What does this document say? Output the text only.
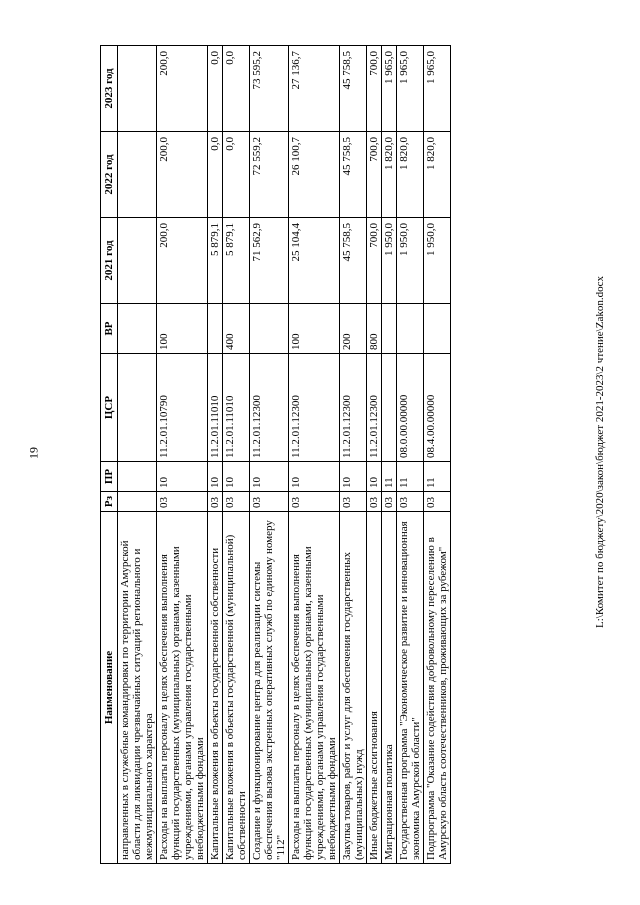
19
Наименование	Рз	ПР	ЦСР	ВР	2021 год	2022 год	2023 год
направленных в служебные командировки по территории Амурской области для ликвидации чрезвычайных ситуаций регионального и межмуниципального характера							
Расходы на выплаты персоналу в целях обеспечения выполнения функций государственных (муниципальных) органами, казенными учреждениями, органами управления государственными внебюджетными фондами	03	10	11.2.01.10790	100	200,0	200,0	200,0
Капитальные вложения в объекты государственной собственности	03	10	11.2.01.11010		5 879,1	0,0	0,0
Капитальные вложения в объекты государственной (муниципальной) собственности	03	10	11.2.01.11010	400	5 879,1	0,0	0,0
Создание и функционирование центра для реализации системы обеспечения вызова экстренных оперативных служб по единому номеру "112"	03	10	11.2.01.12300		71 562,9	72 559,2	73 595,2
Расходы на выплаты персоналу в целях обеспечения выполнения функций государственных (муниципальных) органами, казенными учреждениями, органами управления государственными внебюджетными фондами	03	10	11.2.01.12300	100	25 104,4	26 100,7	27 136,7
Закупка товаров, работ и услуг для обеспечения государственных (муниципальных) нужд	03	10	11.2.01.12300	200	45 758,5	45 758,5	45 758,5
Иные бюджетные ассигнования	03	10	11.2.01.12300	800	700,0	700,0	700,0
Миграционная политика	03	11			1 950,0	1 820,0	1 965,0
Государственная программа "Экономическое развитие и инновационная экономика Амурской области"	03	11	08.0.00.00000		1 950,0	1 820,0	1 965,0
Подпрограмма "Оказание содействия добровольному переселению в Амурскую область соотечественников, проживающих за рубежом"	03	11	08.4.00.00000		1 950,0	1 820,0	1 965,0
L:\Комитет по бюджету\2020\закон\бюджет 2021-2023\2 чтение\Zakon.docx
